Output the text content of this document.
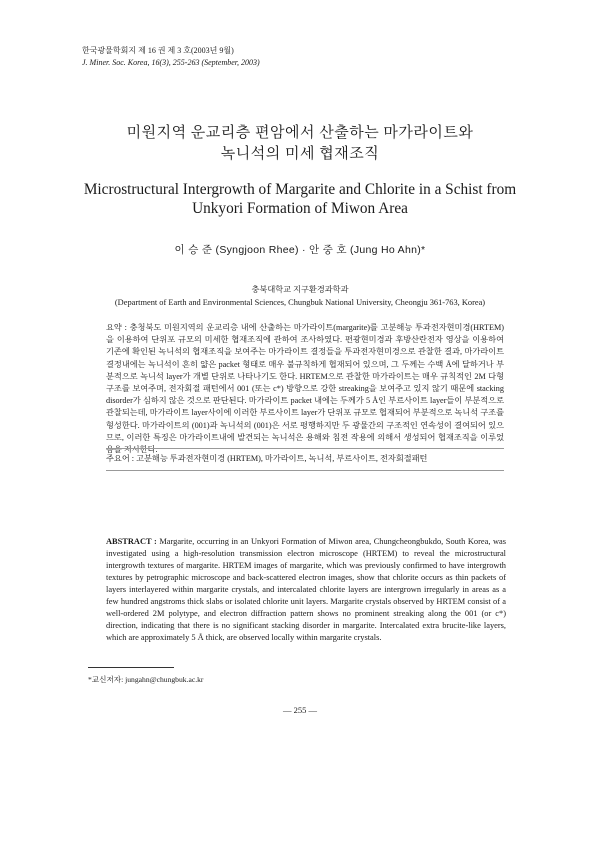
한국광물학회지 제 16 권 제 3 호(2003년 9월)
J. Miner. Soc. Korea, 16(3), 255-263 (September, 2003)
미원지역 운교리층 편암에서 산출하는 마가라이트와
녹니석의 미세 협재조직
Microstructural Intergrowth of Margarite and Chlorite in a Schist from
Unkyori Formation of Miwon Area
이 승 준 (Syngjoon Rhee) · 안 중 호 (Jung Ho Ahn)*
충북대학교 지구환경과학과
(Department of Earth and Environmental Sciences, Chungbuk National University, Cheongju 361-763, Korea)
요약 : 충청북도 미원지역의 운교리층 내에 산출하는 마가라이트(margarite)를 고분해능 투과전자현미경(HRTEM)을 이용하여 단위포 규모의 미세한 협재조직에 관하여 조사하였다. 편광현미경과 후방산란전자 영상을 이용하여 기존에 확인된 녹니석의 협재조직을 보여주는 마가라이트 결정들을 투과전자현미경으로 관찰한 결과, 마가라이트 결정내에는 녹니석이 흔히 얇은 packet 형태로 매우 불규칙하게 협재되어 있으며, 그 두께는 수백 Å에 달하거나 부분적으로 녹니석 layer가 개별 단위로 나타나기도 한다. HRTEM으로 관찰한 마가라이트는 매우 규칙적인 2M 다형구조를 보여주며, 전자회절 패턴에서 001 (또는 c*) 방향으로 강한 streaking을 보여주고 있지 않기 때문에 stacking disorder가 심하지 않은 것으로 판단된다. 마가라이트 packet 내에는 두께가 5 Å인 부르사이트 layer들이 부분적으로 관찰되는데, 마가라이트 layer사이에 이러한 부르사이트 layer가 단위포 규모로 협재되어 부분적으로 녹니석 구조를 형성한다. 마가라이트의 (001)과 녹니석의 (001)은 서로 평행하지만 두 광물간의 구조적인 연속성이 결여되어 있으므로, 이러한 특징은 마가라이트내에 발견되는 녹니석은 용해와 침전 작용에 의해서 생성되어 협재조직을 이루었음을 지시한다.
주요어 : 고분해능 투과전자현미경 (HRTEM), 마가라이트, 녹니석, 부르사이트, 전자회절패턴
ABSTRACT : Margarite, occurring in an Unkyori Formation of Miwon area, Chungcheongbukdo, South Korea, was investigated using a high-resolution transmission electron microscope (HRTEM) to reveal the microstructural intergrowth textures of margarite. HRTEM images of margarite, which was previously confirmed to have intergrowth textures by petrographic microscope and back-scattered electron images, show that chlorite occurs as thin packets of layers interlayered within margarite crystals, and intercalated chlorite layers are intergrown irregularly in areas as a few hundred angstroms thick slabs or isolated chlorite unit layers. Margarite crystals observed by HRTEM consist of a well-ordered 2M polytype, and electron diffraction pattern shows no prominent streaking along the 001 (or c*) direction, indicating that there is no significant stacking disorder in margarite. Intercalated extra brucite-like layers, which are approximately 5 Å thick, are observed locally within margarite crystals.
*교신저자: jungahn@chungbuk.ac.kr
— 255 —
